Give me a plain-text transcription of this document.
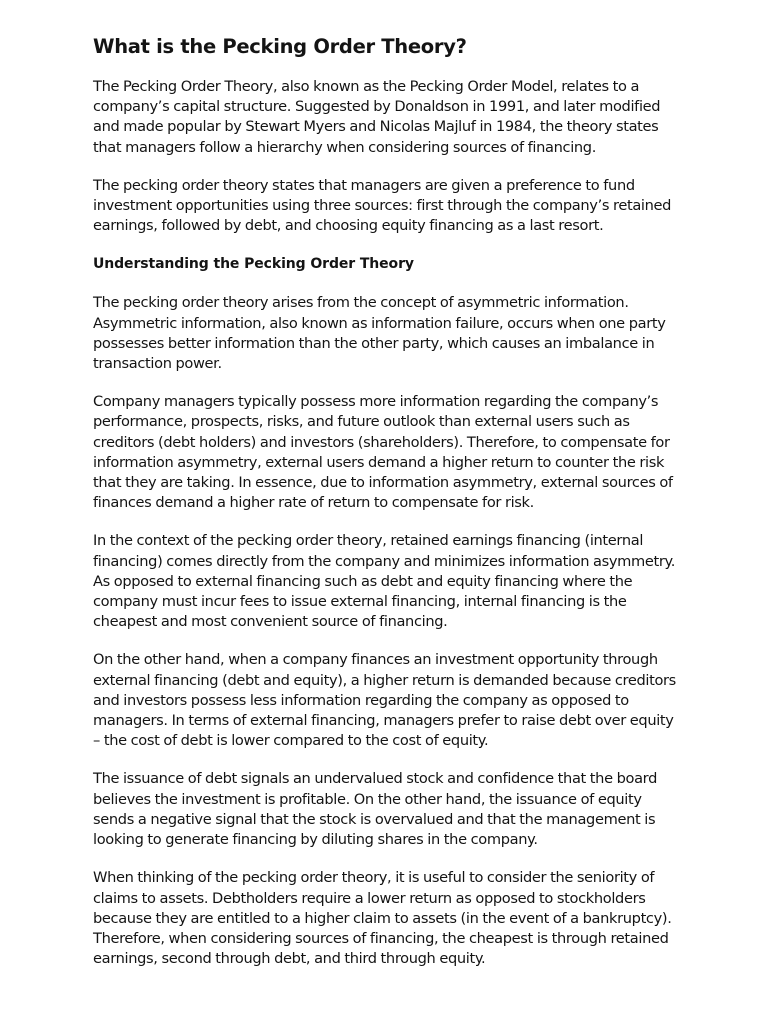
What is the Pecking Order Theory?

The Pecking Order Theory, also known as the Pecking Order Model, relates to a company’s capital structure. Suggested by Donaldson in 1991, and later modified and made popular by Stewart Myers and Nicolas Majluf in 1984, the theory states that managers follow a hierarchy when considering sources of financing.

The pecking order theory states that managers are given a preference to fund investment opportunities using three sources: first through the company’s retained earnings, followed by debt, and choosing equity financing as a last resort.

Understanding the Pecking Order Theory

The pecking order theory arises from the concept of asymmetric information. Asymmetric information, also known as information failure, occurs when one party possesses better information than the other party, which causes an imbalance in transaction power.

Company managers typically possess more information regarding the company’s performance, prospects, risks, and future outlook than external users such as creditors (debt holders) and investors (shareholders). Therefore, to compensate for information asymmetry, external users demand a higher return to counter the risk that they are taking. In essence, due to information asymmetry, external sources of finances demand a higher rate of return to compensate for risk.

In the context of the pecking order theory, retained earnings financing (internal financing) comes directly from the company and minimizes information asymmetry. As opposed to external financing such as debt and equity financing where the company must incur fees to issue external financing, internal financing is the cheapest and most convenient source of financing.

On the other hand, when a company finances an investment opportunity through external financing (debt and equity), a higher return is demanded because creditors and investors possess less information regarding the company as opposed to managers. In terms of external financing, managers prefer to raise debt over equity – the cost of debt is lower compared to the cost of equity.

The issuance of debt signals an undervalued stock and confidence that the board believes the investment is profitable. On the other hand, the issuance of equity sends a negative signal that the stock is overvalued and that the management is looking to generate financing by diluting shares in the company.

When thinking of the pecking order theory, it is useful to consider the seniority of claims to assets. Debtholders require a lower return as opposed to stockholders because they are entitled to a higher claim to assets (in the event of a bankruptcy). Therefore, when considering sources of financing, the cheapest is through retained earnings, second through debt, and third through equity.
